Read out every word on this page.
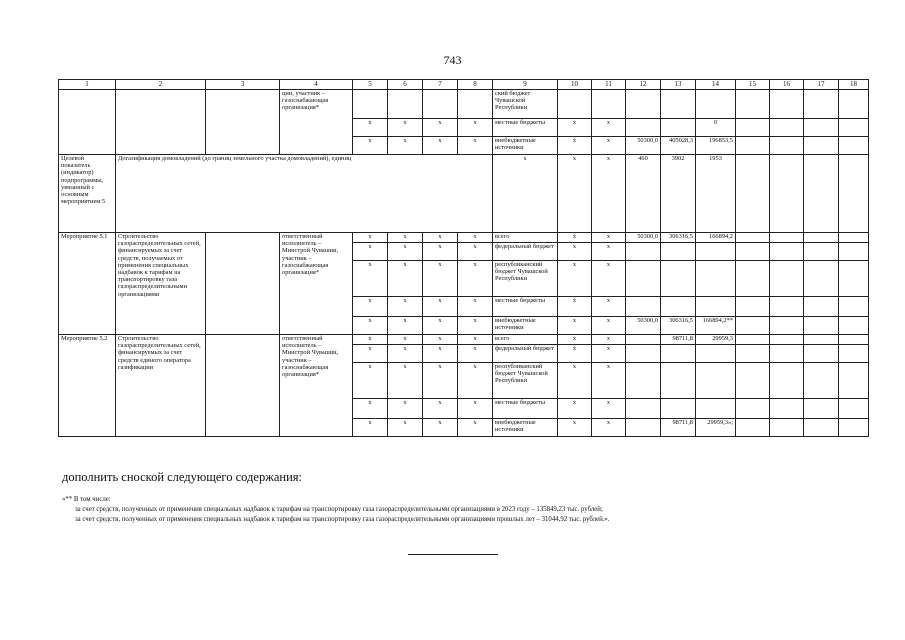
743
1	2	3	4	5	6	7	8	9	10	11	12	13	14	15	16	17	18
			ции, участник – газоснабжающая организация*					ский бюджет Чувашской Республики									
				x	x	x	x	местные бюджеты	x	x			0				
				x	x	x	x	внебюджетные источники	x	x	50300,0	405028,3	196853,5				
Целевой показатель (индикатор) подпрограммы, увязанный с основным мероприятием 5	Догазификация домовладений (до границ земельного участка домовладений), единиц							x	x	x	460	3902	1953				
Мероприятие 5.1	Строительство газораспределительных сетей, финансируемых за счет средств, получаемых от применения специальных надбавок к тарифам на транспортировку газа газораспределительными организациями		ответственный исполнитель – Минстрой Чувашии, участник – газоснабжающая организация*	x	x	x	x	всего	x	x	50300,0	306316,5	166894,2				
				x	x	x	x	федеральный бюджет	x	x							
				x	x	x	x	республиканский бюджет Чувашской Республики	x	x							
				x	x	x	x	местные бюджеты	x	x							
				x	x	x	x	внебюджетные источники	x	x	50300,0	306316,5	166894,2**				
Мероприятие 5.2	Строительство газораспределительных сетей, финансируемых за счет средств единого оператора газификации		ответственный исполнитель – Минстрой Чувашии, участник – газоснабжающая организация*	x	x	x	x	всего	x	x		98711,8	29959,3				
				x	x	x	x	федеральный бюджет	x	x							
				x	x	x	x	республиканский бюджет Чувашской Республики	x	x							
				x	x	x	x	местные бюджеты	x	x							
				x	x	x	x	внебюджетные источники	x	x		98711,8	29959,3»;				
дополнить сноской следующего содержания:
«** В том числе:
за счет средств, полученных от применения специальных надбавок к тарифам на транспортировку газа газораспределительными организациями в 2023 году – 135849,23 тыс. рублей;
за счет средств, полученных от применения специальных надбавок к тарифам на транспортировку газа газораспределительными организациями прошлых лет – 31044,92 тыс. рублей.».
